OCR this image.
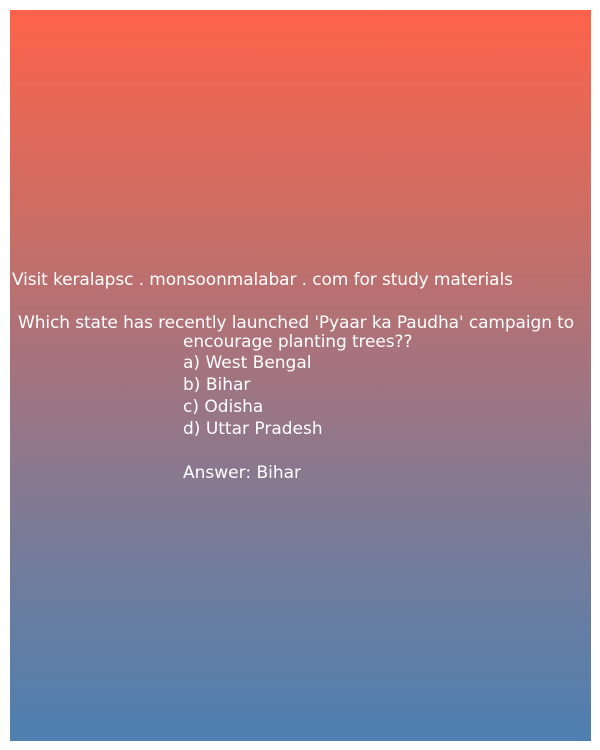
Visit keralapsc . monsoonmalabar . com for study materials
Which state has recently launched 'Pyaar ka Paudha' campaign to
encourage planting trees??
a) West Bengal
b) Bihar
c) Odisha
d) Uttar Pradesh
Answer: Bihar
